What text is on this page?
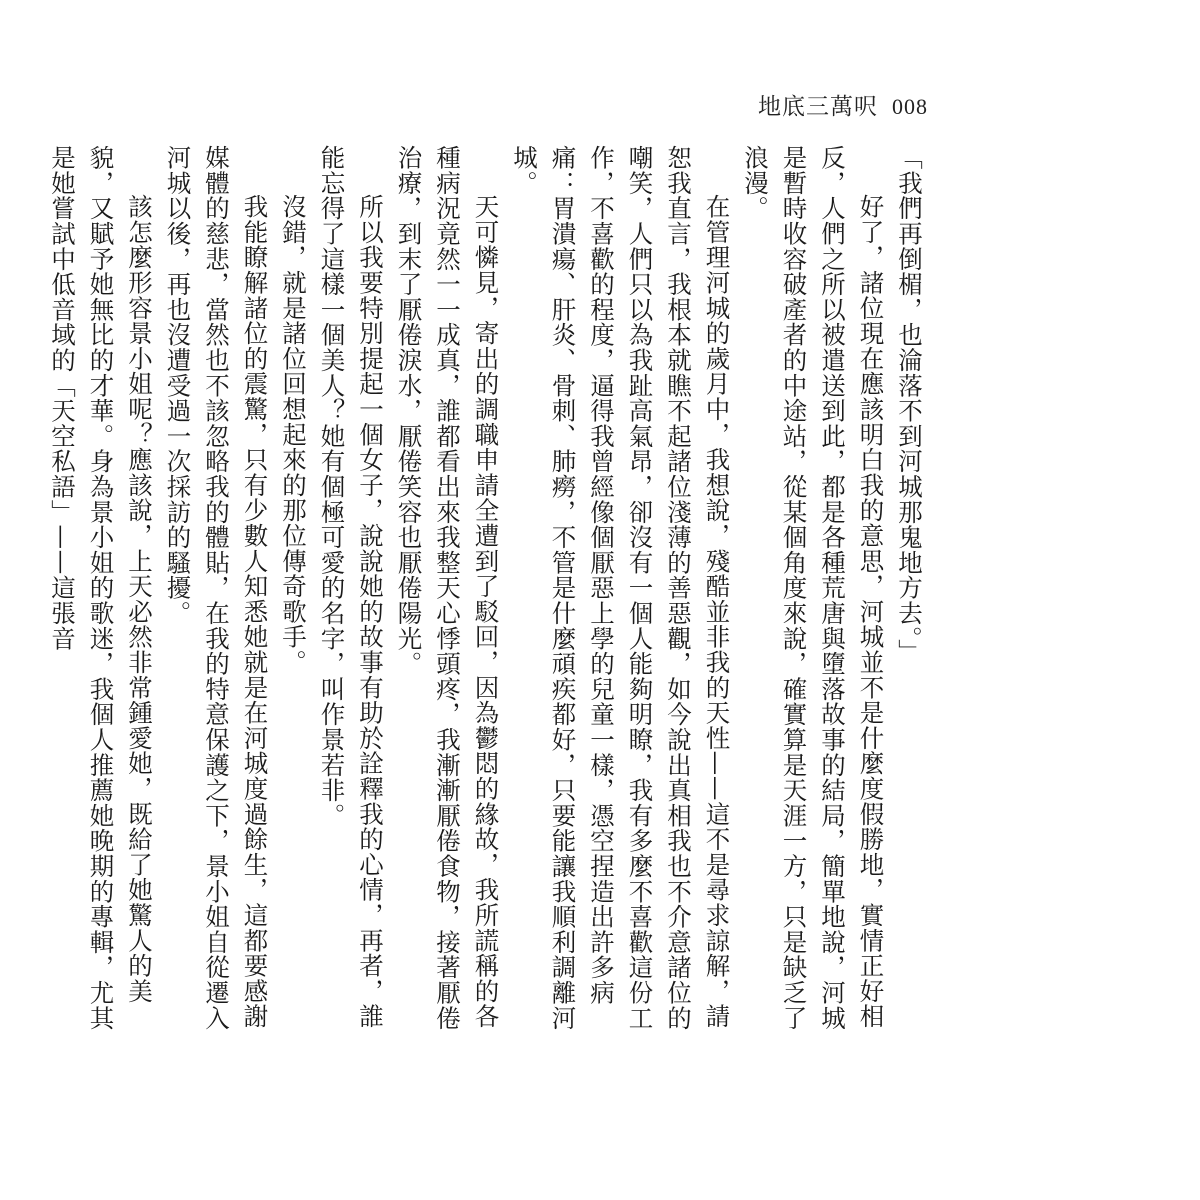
地底三萬呎 008

「我們再倒楣，也淪落不到河城那鬼地方去。」

好了，諸位現在應該明白我的意思，河城並不是什麼度假勝地，實情正好相反，人們之所以被遣送到此，都是各種荒唐與墮落故事的結局，簡單地說，河城是暫時收容破產者的中途站，從某個角度來說，確實算是天涯一方，只是缺乏了浪漫。

在管理河城的歲月中，我想說，殘酷並非我的天性——這不是尋求諒解，請恕我直言，我根本就瞧不起諸位淺薄的善惡觀，如今說出真相我也不介意諸位的嘲笑，人們只以為我趾高氣昂，卻沒有一個人能夠明瞭，我有多麼不喜歡這份工作，不喜歡的程度，逼得我曾經像個厭惡上學的兒童一樣，憑空捏造出許多病痛：胃潰瘍、肝炎、骨刺、肺癆，不管是什麼頑疾都好，只要能讓我順利調離河城。

天可憐見，寄出的調職申請全遭到了駁回，因為鬱悶的緣故，我所謊稱的各種病況竟然一一成真，誰都看出來我整天心悸頭疼，我漸漸厭倦食物，接著厭倦治療，到末了厭倦淚水，厭倦笑容也厭倦陽光。

所以我要特別提起一個女子，說說她的故事有助於詮釋我的心情，再者，誰能忘得了這樣一個美人？她有個極可愛的名字，叫作景若非。

沒錯，就是諸位回想起來的那位傳奇歌手。

我能瞭解諸位的震驚，只有少數人知悉她就是在河城度過餘生，這都要感謝媒體的慈悲，當然也不該忽略我的體貼，在我的特意保護之下，景小姐自從遷入河城以後，再也沒遭受過一次採訪的騷擾。

該怎麼形容景小姐呢？應該說，上天必然非常鍾愛她，既給了她驚人的美貌，又賦予她無比的才華。身為景小姐的歌迷，我個人推薦她晚期的專輯，尤其是她嘗試中低音域的「天空私語」——這張音
